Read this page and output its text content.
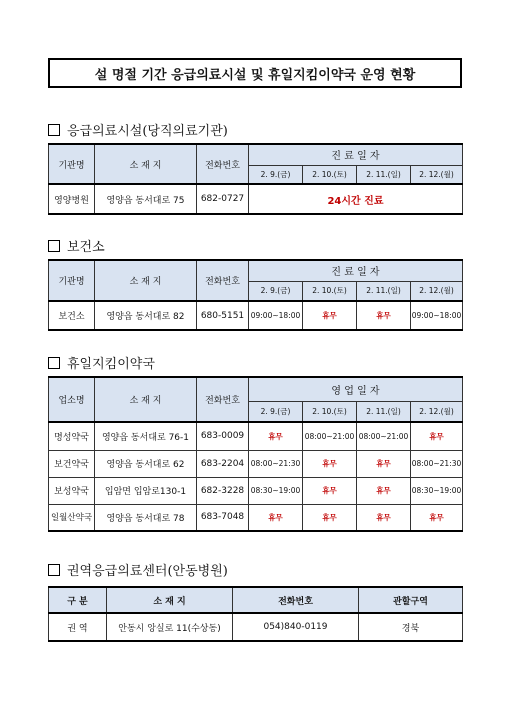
설 명절 기간 응급의료시설 및 휴일지킴이약국 운영 현황
응급의료시설(당직의료기관)
기관명	소 재 지	전화번호	진 료 일 자			
			2. 9.(금)	2. 10.(토)	2. 11.(일)	2. 12.(월)
영양병원	영양읍 동서대로 75	682-0727	24시간 진료			
보건소
기관명	소 재 지	전화번호	진 료 일 자			
			2. 9.(금)	2. 10.(토)	2. 11.(일)	2. 12.(월)
보건소	영양읍 동서대로 82	680-5151	09:00~18:00	휴무	휴무	09:00~18:00
휴일지킴이약국
업소명	소 재 지	전화번호	영 업 일 자			
			2. 9.(금)	2. 10.(토)	2. 11.(일)	2. 12.(월)
명성약국	영양읍 동서대로 76-1	683-0009	휴무	08:00~21:00	08:00~21:00	휴무
보건약국	영양읍 동서대로 62	683-2204	08:00~21:30	휴무	휴무	08:00~21:30
보성약국	입암면 입암로130-1	682-3228	08:30~19:00	휴무	휴무	08:30~19:00
일월산약국	영양읍 동서대로 78	683-7048	휴무	휴무	휴무	휴무
권역응급의료센터(안동병원)
구 분	소 재 지	전화번호	관할구역
권 역	안동시 앙실로 11(수상동)	054)840-0119	경북
